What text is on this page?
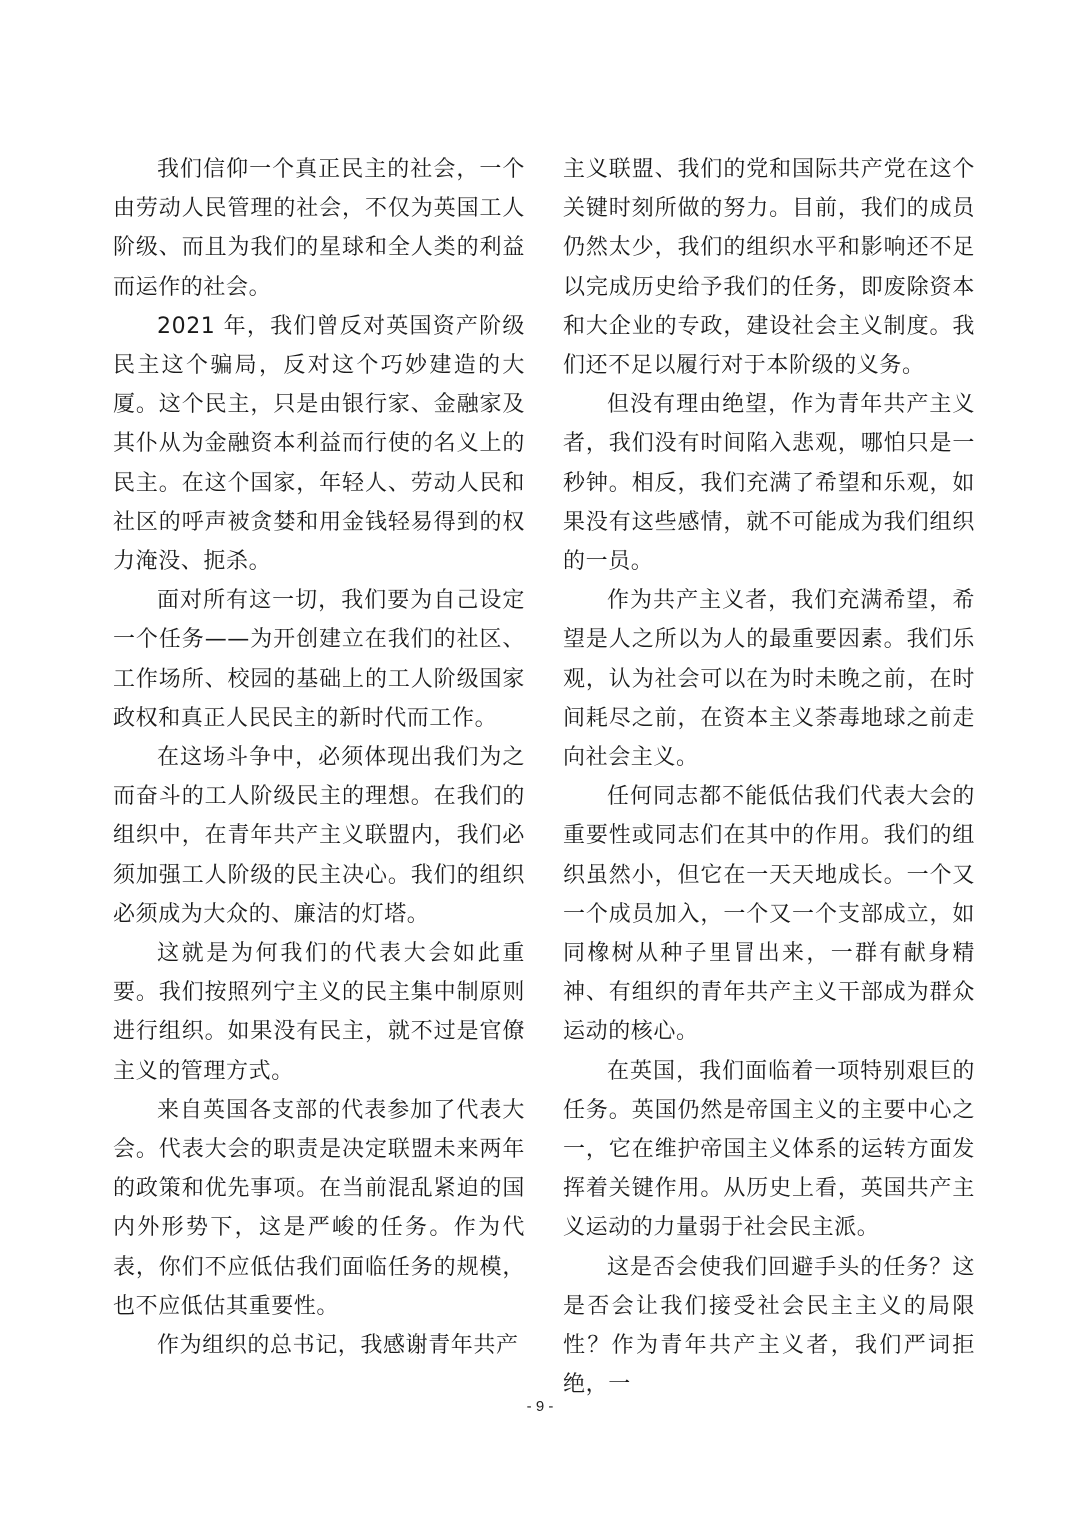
我们信仰一个真正民主的社会，一个由劳动人民管理的社会，不仅为英国工人阶级、而且为我们的星球和全人类的利益而运作的社会。

2021 年，我们曾反对英国资产阶级民主这个骗局，反对这个巧妙建造的大厦。这个民主，只是由银行家、金融家及其仆从为金融资本利益而行使的名义上的民主。在这个国家，年轻人、劳动人民和社区的呼声被贪婪和用金钱轻易得到的权力淹没、扼杀。

面对所有这一切，我们要为自己设定一个任务——为开创建立在我们的社区、工作场所、校园的基础上的工人阶级国家政权和真正人民民主的新时代而工作。

在这场斗争中，必须体现出我们为之而奋斗的工人阶级民主的理想。在我们的组织中，在青年共产主义联盟内，我们必须加强工人阶级的民主决心。我们的组织必须成为大众的、廉洁的灯塔。

这就是为何我们的代表大会如此重要。我们按照列宁主义的民主集中制原则进行组织。如果没有民主，就不过是官僚主义的管理方式。

来自英国各支部的代表参加了代表大会。代表大会的职责是决定联盟未来两年的政策和优先事项。在当前混乱紧迫的国内外形势下，这是严峻的任务。作为代表，你们不应低估我们面临任务的规模，也不应低估其重要性。

作为组织的总书记，我感谢青年共产

主义联盟、我们的党和国际共产党在这个关键时刻所做的努力。目前，我们的成员仍然太少，我们的组织水平和影响还不足以完成历史给予我们的任务，即废除资本和大企业的专政，建设社会主义制度。我们还不足以履行对于本阶级的义务。

但没有理由绝望，作为青年共产主义者，我们没有时间陷入悲观，哪怕只是一秒钟。相反，我们充满了希望和乐观，如果没有这些感情，就不可能成为我们组织的一员。

作为共产主义者，我们充满希望，希望是人之所以为人的最重要因素。我们乐观，认为社会可以在为时未晚之前，在时间耗尽之前，在资本主义荼毒地球之前走向社会主义。

任何同志都不能低估我们代表大会的重要性或同志们在其中的作用。我们的组织虽然小，但它在一天天地成长。一个又一个成员加入，一个又一个支部成立，如同橡树从种子里冒出来，一群有献身精神、有组织的青年共产主义干部成为群众运动的核心。

在英国，我们面临着一项特别艰巨的任务。英国仍然是帝国主义的主要中心之一，它在维护帝国主义体系的运转方面发挥着关键作用。从历史上看，英国共产主义运动的力量弱于社会民主派。

这是否会使我们回避手头的任务？这是否会让我们接受社会民主主义的局限性？作为青年共产主义者，我们严词拒绝，一

- 9 -
